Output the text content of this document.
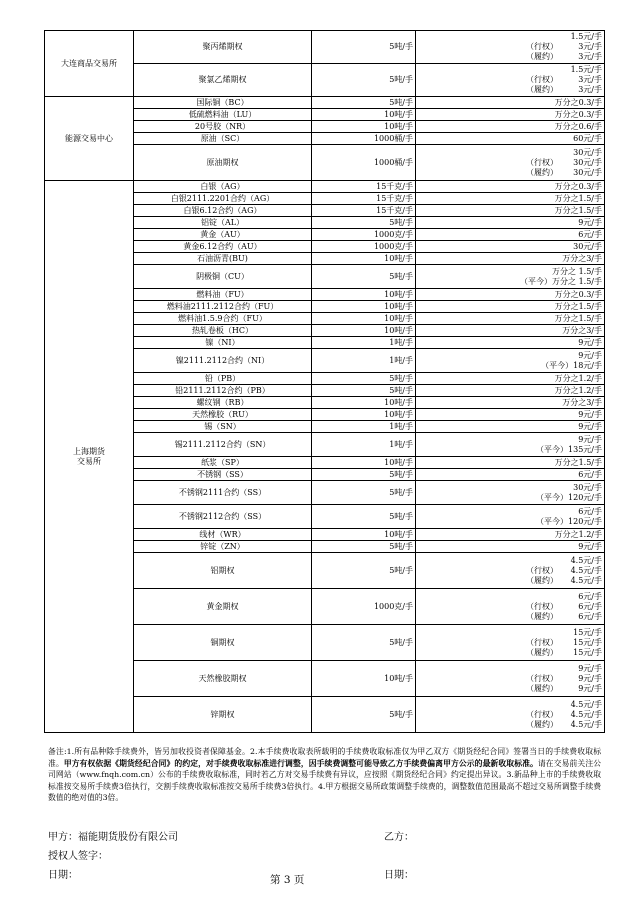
大连商品交易所	聚丙烯期权	5吨/手	1.5元/手
（行权） 3元/手
（履约） 3元/手

	聚氯乙烯期权	5吨/手	1.5元/手
（行权） 3元/手
（履约） 3元/手

能源交易中心	国际铜（BC）	5吨/手	万分之0.3/手

	低硫燃料油（LU）	10吨/手	万分之0.3/手

	20号胶（NR）	10吨/手	万分之0.6/手

	原油（SC）	1000桶/手	60元/手

	原油期权	1000桶/手	30元/手
（行权） 30元/手
（履约） 30元/手

上海期货
交易所	白银（AG）	15千克/手	万分之0.3/手

	白银2111.2201合约（AG）	15千克/手	万分之1.5/手

	白银6.12合约（AG）	15千克/手	万分之1.5/手

	铝锭（AL）	5吨/手	9元/手

	黄金（AU）	1000克/手	6元/手

	黄金6.12合约（AU）	1000克/手	30元/手

	石油沥青(BU)	10吨/手	万分之3/手

	阴极铜（CU）	5吨/手	万分之 1.5/手
（平今）万分之 1.5/手

	燃料油（FU）	10吨/手	万分之0.3/手

	燃料油2111.2112合约（FU）	10吨/手	万分之1.5/手

	燃料油1.5.9合约（FU）	10吨/手	万分之1.5/手

	热轧卷板（HC）	10吨/手	万分之3/手

	镍（NI）	1吨/手	9元/手

	镍2111.2112合约（NI）	1吨/手	9元/手
（平今）18元/手

	铅（PB）	5吨/手	万分之1.2/手

	铅2111.2112合约（PB）	5吨/手	万分之1.2/手

	螺纹钢（RB）	10吨/手	万分之3/手

	天然橡胶（RU）	10吨/手	9元/手

	锡（SN）	1吨/手	9元/手

	锡2111.2112合约（SN）	1吨/手	9元/手
（平今）135元/手

	纸浆（SP）	10吨/手	万分之1.5/手

	不锈钢（SS）	5吨/手	6元/手

	不锈钢2111合约（SS）	5吨/手	30元/手
（平今）120元/手

	不锈钢2112合约（SS）	5吨/手	6元/手
（平今）120元/手

	线材（WR）	10吨/手	万分之1.2/手

	锌锭（ZN）	5吨/手	9元/手

	铝期权	5吨/手	4.5元/手
（行权） 4.5元/手
（履约） 4.5元/手

	黄金期权	1000克/手	6元/手
（行权） 6元/手
（履约） 6元/手

	铜期权	5吨/手	15元/手
（行权） 15元/手
（履约） 15元/手

	天然橡胶期权	10吨/手	9元/手
（行权） 9元/手
（履约） 9元/手

	锌期权	5吨/手	4.5元/手
（行权） 4.5元/手
（履约） 4.5元/手
备注:1.所有品种除手续费外，皆另加收投资者保障基金。2.本手续费收取表所载明的手续费收取标准仅为甲乙双方《期货经纪合同》签署当日的手续费收取标准。甲方有权依据《期货经纪合同》的约定，对手续费收取标准进行调整，因手续费调整可能导致乙方手续费偏离甲方公示的最新收取标准。请在交易前关注公司网站（www.fnqh.com.cn）公布的手续费收取标准，同时若乙方对交易手续费有异议，应按照《期货经纪合同》约定提出异议。3.新品种上市的手续费收取标准按交易所手续费3倍执行，交割手续费收取标准按交易所手续费3倍执行。4.甲方根据交易所政策调整手续费的，调整数值范围最高不超过交易所调整手续费数值的绝对值的3倍。
甲方：福能期货股份有限公司
授权人签字：
日期：
乙方：
日期：
第 3 页
